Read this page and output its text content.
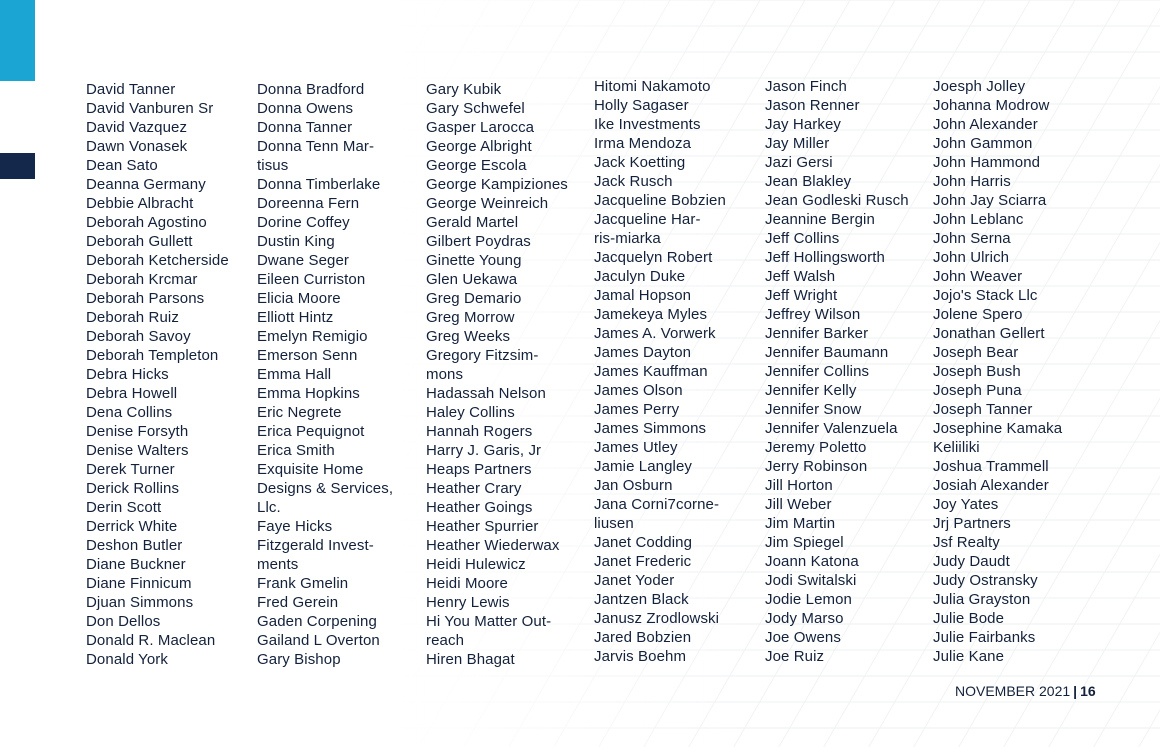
David Tanner
David Vanburen Sr
David Vazquez
Dawn Vonasek
Dean Sato
Deanna Germany
Debbie Albracht
Deborah Agostino
Deborah Gullett
Deborah Ketcherside
Deborah Krcmar
Deborah Parsons
Deborah Ruiz
Deborah Savoy
Deborah Templeton
Debra Hicks
Debra Howell
Dena Collins
Denise Forsyth
Denise Walters
Derek Turner
Derick Rollins
Derin Scott
Derrick White
Deshon Butler
Diane Buckner
Diane Finnicum
Djuan Simmons
Don Dellos
Donald R. Maclean
Donald York
Donna Bradford
Donna Owens
Donna Tanner
Donna Tenn Mar-
tisus
Donna Timberlake
Doreenna Fern
Dorine Coffey
Dustin King
Dwane Seger
Eileen Curriston
Elicia Moore
Elliott Hintz
Emelyn Remigio
Emerson Senn
Emma Hall
Emma Hopkins
Eric Negrete
Erica Pequignot
Erica Smith
Exquisite Home
Designs & Services,
Llc.
Faye Hicks
Fitzgerald Invest-
ments
Frank Gmelin
Fred Gerein
Gaden Corpening
Gailand L Overton
Gary Bishop
Gary Kubik
Gary Schwefel
Gasper Larocca
George Albright
George Escola
George Kampiziones
George Weinreich
Gerald Martel
Gilbert Poydras
Ginette Young
Glen Uekawa
Greg Demario
Greg Morrow
Greg Weeks
Gregory Fitzsim-
mons
Hadassah Nelson
Haley Collins
Hannah Rogers
Harry J. Garis, Jr
Heaps Partners
Heather Crary
Heather Goings
Heather Spurrier
Heather Wiederwax
Heidi Hulewicz
Heidi Moore
Henry Lewis
Hi You Matter Out-
reach
Hiren Bhagat
Hitomi Nakamoto
Holly Sagaser
Ike Investments
Irma Mendoza
Jack Koetting
Jack Rusch
Jacqueline Bobzien
Jacqueline Har-
ris-miarka
Jacquelyn Robert
Jaculyn Duke
Jamal Hopson
Jamekeya Myles
James A. Vorwerk
James Dayton
James Kauffman
James Olson
James Perry
James Simmons
James Utley
Jamie Langley
Jan Osburn
Jana Corni7corne-
liusen
Janet Codding
Janet Frederic
Janet Yoder
Jantzen Black
Janusz Zrodlowski
Jared Bobzien
Jarvis Boehm
Jason Finch
Jason Renner
Jay Harkey
Jay Miller
Jazi Gersi
Jean Blakley
Jean Godleski Rusch
Jeannine Bergin
Jeff Collins
Jeff Hollingsworth
Jeff Walsh
Jeff Wright
Jeffrey Wilson
Jennifer Barker
Jennifer Baumann
Jennifer Collins
Jennifer Kelly
Jennifer Snow
Jennifer Valenzuela
Jeremy Poletto
Jerry Robinson
Jill Horton
Jill Weber
Jim Martin
Jim Spiegel
Joann Katona
Jodi Switalski
Jodie Lemon
Jody Marso
Joe Owens
Joe Ruiz
Joesph Jolley
Johanna Modrow
John Alexander
John Gammon
John Hammond
John Harris
John Jay Sciarra
John Leblanc
John Serna
John Ulrich
John Weaver
Jojo's Stack Llc
Jolene Spero
Jonathan Gellert
Joseph Bear
Joseph Bush
Joseph Puna
Joseph Tanner
Josephine Kamaka
Keliiliki
Joshua Trammell
Josiah Alexander
Joy Yates
Jrj Partners
Jsf Realty
Judy Daudt
Judy Ostransky
Julia Grayston
Julie Bode
Julie Fairbanks
Julie Kane
NOVEMBER 2021 | 16
